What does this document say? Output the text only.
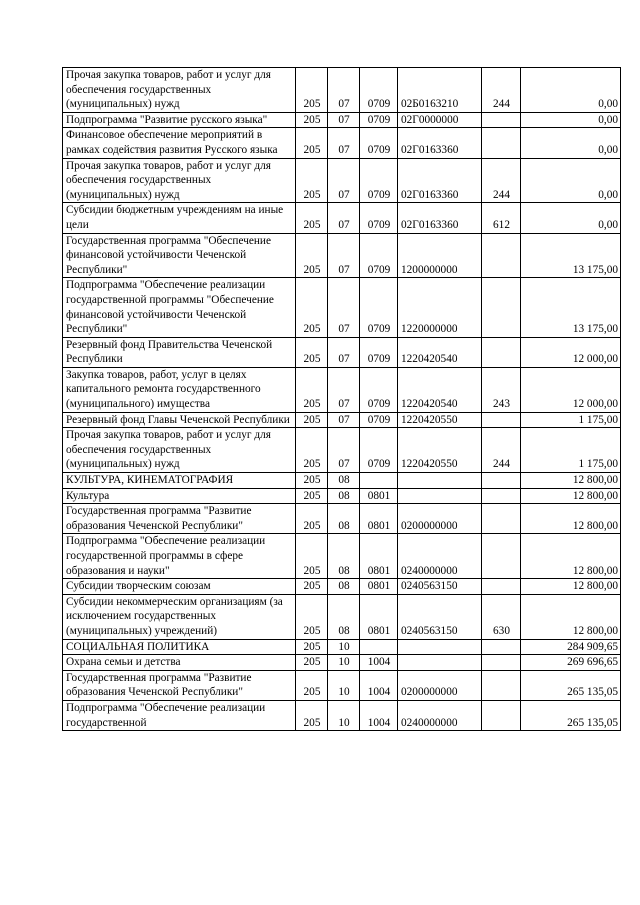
Прочая закупка товаров, работ и услуг для обеспечения государственных (муниципальных) нужд	205	07	0709	02Б0163210	244	0,00
Подпрограмма "Развитие русского языка"	205	07	0709	02Г0000000		0,00
Финансовое обеспечение мероприятий в рамках содействия развития Русского языка	205	07	0709	02Г0163360		0,00
Прочая закупка товаров, работ и услуг для обеспечения государственных (муниципальных) нужд	205	07	0709	02Г0163360	244	0,00
Субсидии бюджетным учреждениям на иные цели	205	07	0709	02Г0163360	612	0,00
Государственная программа "Обеспечение финансовой устойчивости Чеченской Республики"	205	07	0709	1200000000		13 175,00
Подпрограмма "Обеспечение реализации государственной программы "Обеспечение финансовой устойчивости Чеченской Республики"	205	07	0709	1220000000		13 175,00
Резервный фонд Правительства Чеченской Республики	205	07	0709	1220420540		12 000,00
Закупка товаров, работ, услуг в целях капитального ремонта государственного (муниципального) имущества	205	07	0709	1220420540	243	12 000,00
Резервный фонд Главы Чеченской Республики	205	07	0709	1220420550		1 175,00
Прочая закупка товаров, работ и услуг для обеспечения государственных (муниципальных) нужд	205	07	0709	1220420550	244	1 175,00
КУЛЬТУРА, КИНЕМАТОГРАФИЯ	205	08				12 800,00
Культура	205	08	0801			12 800,00
Государственная программа "Развитие образования Чеченской Республики"	205	08	0801	0200000000		12 800,00
Подпрограмма "Обеспечение реализации государственной программы в сфере образования и науки"	205	08	0801	0240000000		12 800,00
Субсидии творческим союзам	205	08	0801	0240563150		12 800,00
Субсидии некоммерческим организациям (за исключением государственных (муниципальных) учреждений)	205	08	0801	0240563150	630	12 800,00
СОЦИАЛЬНАЯ ПОЛИТИКА	205	10				284 909,65
Охрана семьи и детства	205	10	1004			269 696,65
Государственная программа "Развитие образования Чеченской Республики"	205	10	1004	0200000000		265 135,05
Подпрограмма "Обеспечение реализации государственной	205	10	1004	0240000000		265 135,05
